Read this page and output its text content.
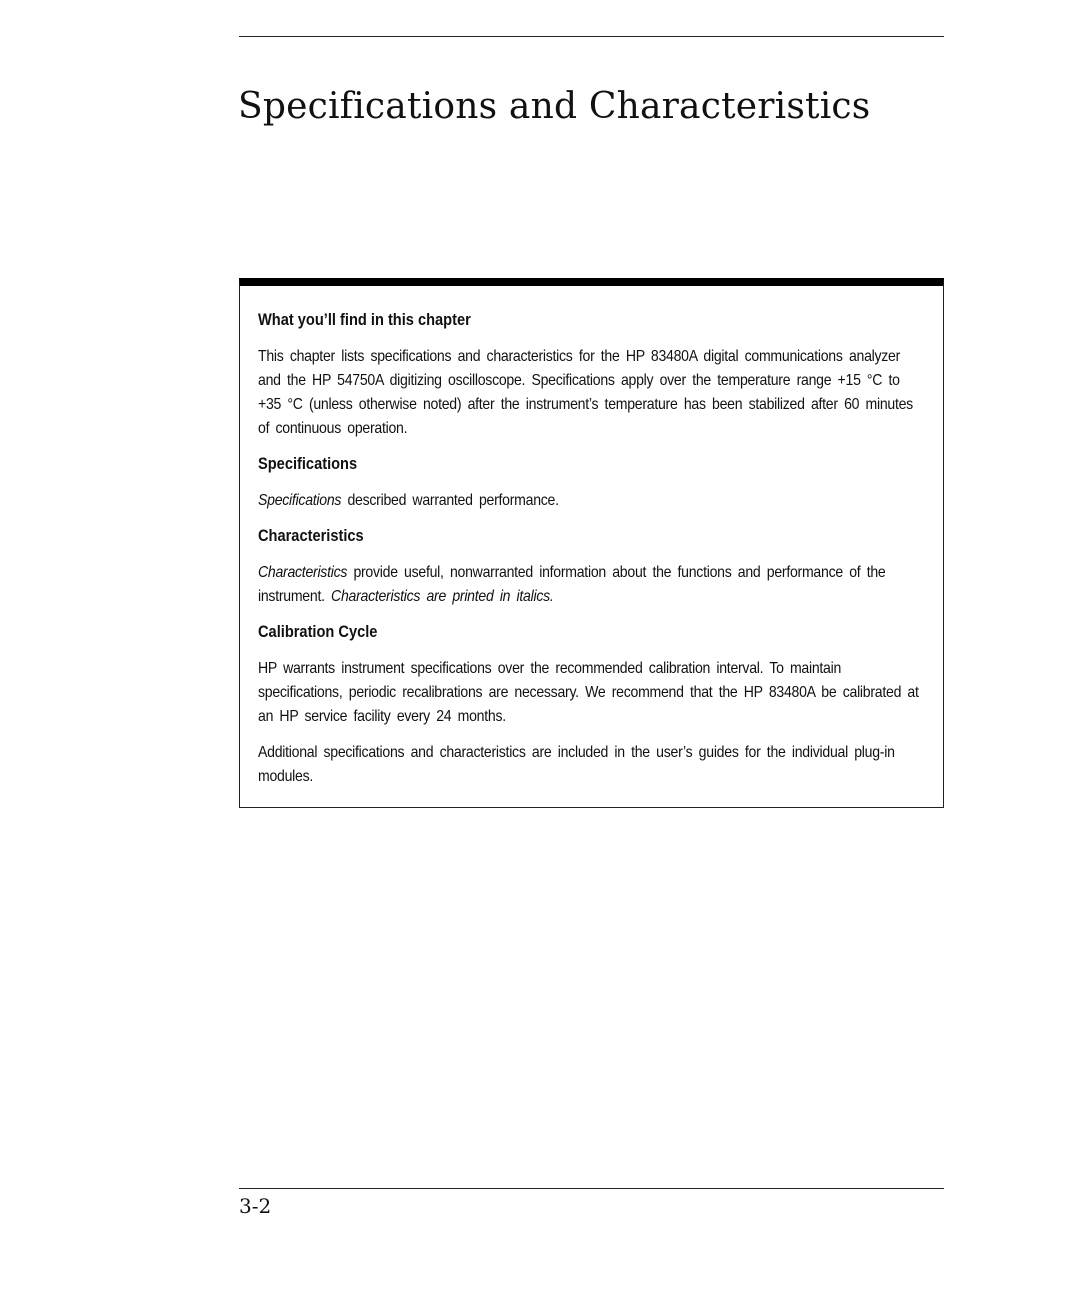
Specifications and Characteristics
What you’ll find in this chapter

This chapter lists specifications and characteristics for the HP 83480A digital communications analyzer and the HP 54750A digitizing oscilloscope. Specifications apply over the temperature range +15 °C to +35 °C (unless otherwise noted) after the instrument’s temperature has been stabilized after 60 minutes of continuous operation.

Specifications

Specifications described warranted performance.

Characteristics

Characteristics provide useful, nonwarranted information about the functions and performance of the instrument. Characteristics are printed in italics.

Calibration Cycle

HP warrants instrument specifications over the recommended calibration interval. To maintain specifications, periodic recalibrations are necessary. We recommend that the HP 83480A be calibrated at an HP service facility every 24 months.

Additional specifications and characteristics are included in the user’s guides for the individual plug-in modules.

3-2
